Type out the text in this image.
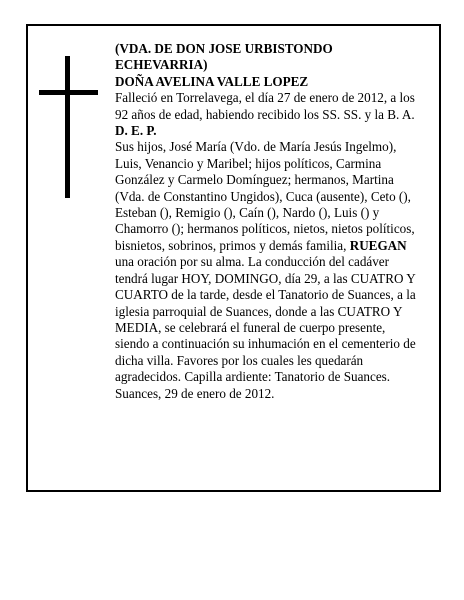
(VDA. DE DON JOSE URBISTONDO ECHEVARRIA)

DOÑA AVELINA VALLE LOPEZ

Falleció en Torrelavega, el día 27 de enero de 2012, a los 92 años de edad, habiendo recibido los SS. SS. y la B. A.

D. E. P.

Sus hijos, José María (Vdo. de María Jesús Ingelmo), Luis, Venancio y Maribel; hijos políticos, Carmina González y Carmelo Domínguez; hermanos, Martina (Vda. de Constantino Ungidos), Cuca (ausente), Ceto (), Esteban (), Remigio (), Caín (), Nardo (), Luis () y Chamorro (); hermanos políticos, nietos, nietos políticos, bisnietos, sobrinos, primos y demás familia, RUEGAN una oración por su alma. La conducción del cadáver tendrá lugar HOY, DOMINGO, día 29, a las CUATRO Y CUARTO de la tarde, desde el Tanatorio de Suances, a la iglesia parroquial de Suances, donde a las CUATRO Y MEDIA, se celebrará el funeral de cuerpo presente, siendo a continuación su inhumación en el cementerio de dicha villa. Favores por los cuales les quedarán agradecidos. Capilla ardiente: Tanatorio de Suances.

Suances, 29 de enero de 2012.
